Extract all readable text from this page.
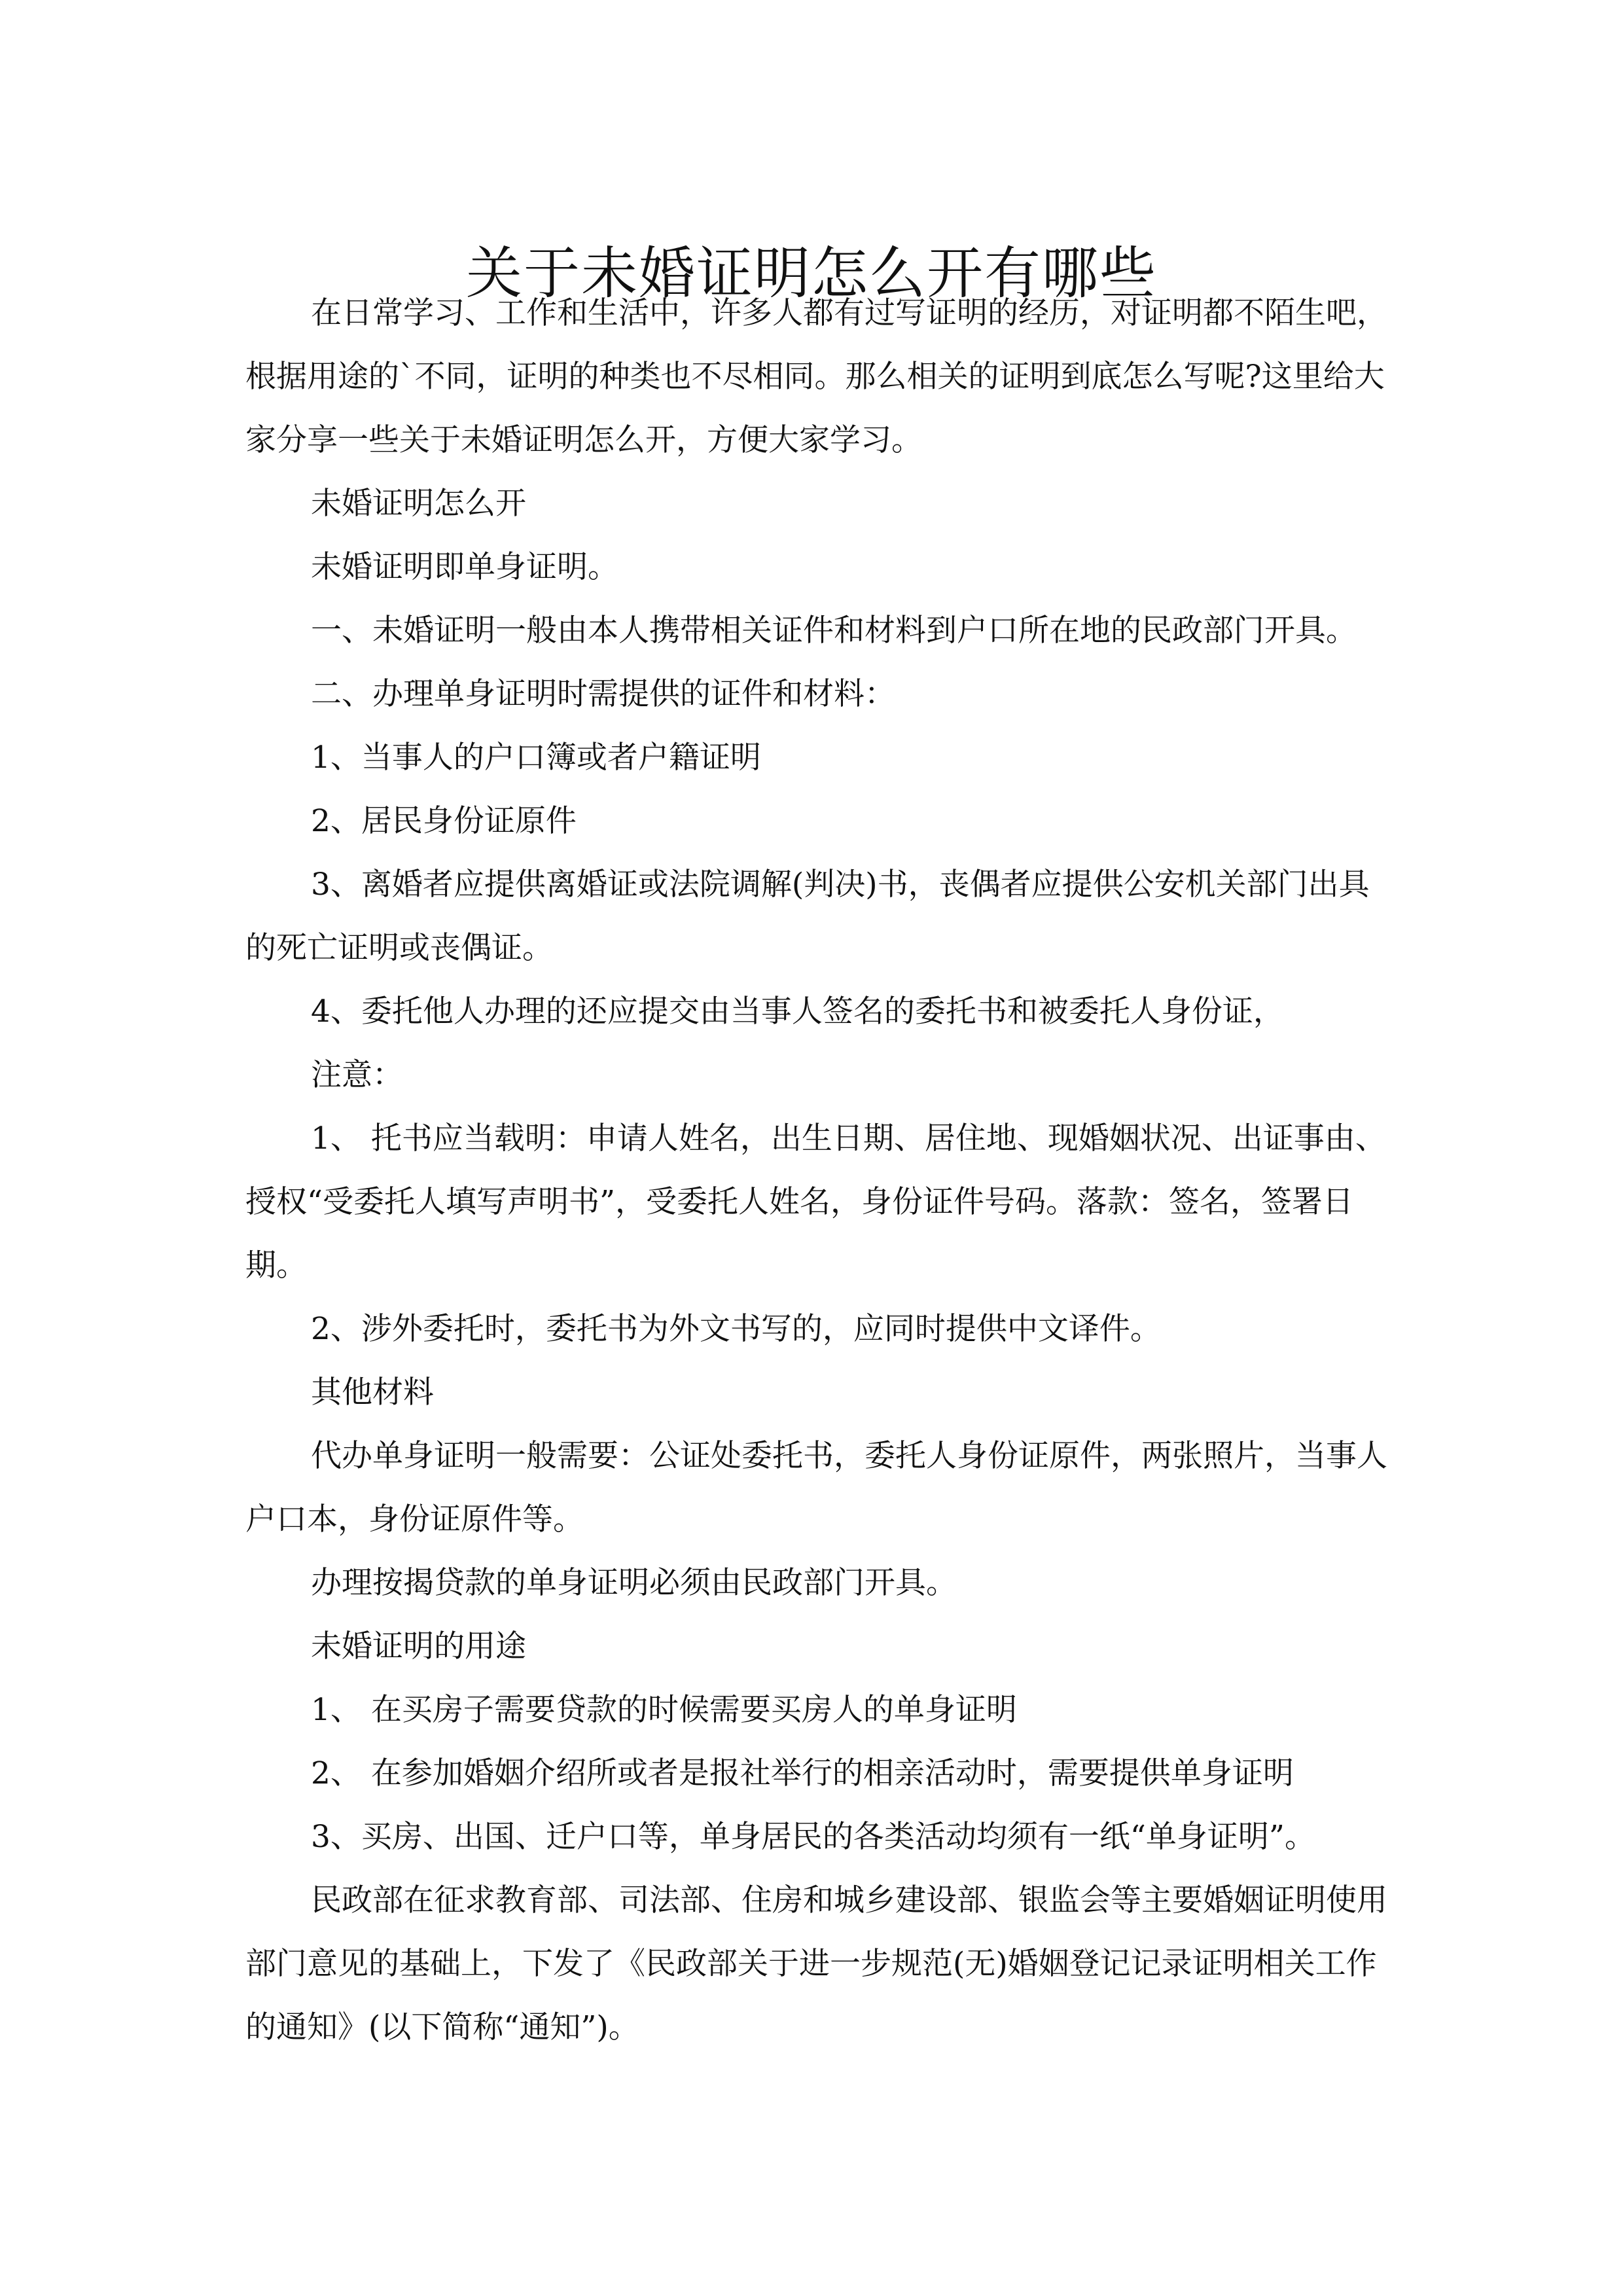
关于未婚证明怎么开有哪些

在日常学习、工作和生活中，许多人都有过写证明的经历，对证明都不陌生吧，根据用途的`不同，证明的种类也不尽相同。那么相关的证明到底怎么写呢?这里给大家分享一些关于未婚证明怎么开，方便大家学习。

未婚证明怎么开

未婚证明即单身证明。

一、未婚证明一般由本人携带相关证件和材料到户口所在地的民政部门开具。

二、办理单身证明时需提供的证件和材料：

1、当事人的户口簿或者户籍证明

2、居民身份证原件

3、离婚者应提供离婚证或法院调解(判决)书，丧偶者应提供公安机关部门出具的死亡证明或丧偶证。

4、委托他人办理的还应提交由当事人签名的委托书和被委托人身份证，

注意：

1、 托书应当载明：申请人姓名，出生日期、居住地、现婚姻状况、出证事由、授权“受委托人填写声明书”，受委托人姓名，身份证件号码。落款：签名，签署日期。

2、涉外委托时，委托书为外文书写的，应同时提供中文译件。

其他材料

代办单身证明一般需要：公证处委托书，委托人身份证原件，两张照片，当事人户口本，身份证原件等。

办理按揭贷款的单身证明必须由民政部门开具。

未婚证明的用途

1、 在买房子需要贷款的时候需要买房人的单身证明

2、 在参加婚姻介绍所或者是报社举行的相亲活动时，需要提供单身证明

3、买房、出国、迁户口等，单身居民的各类活动均须有一纸“单身证明”。

民政部在征求教育部、司法部、住房和城乡建设部、银监会等主要婚姻证明使用部门意见的基础上，下发了《民政部关于进一步规范(无)婚姻登记记录证明相关工作的通知》(以下简称“通知”)。
